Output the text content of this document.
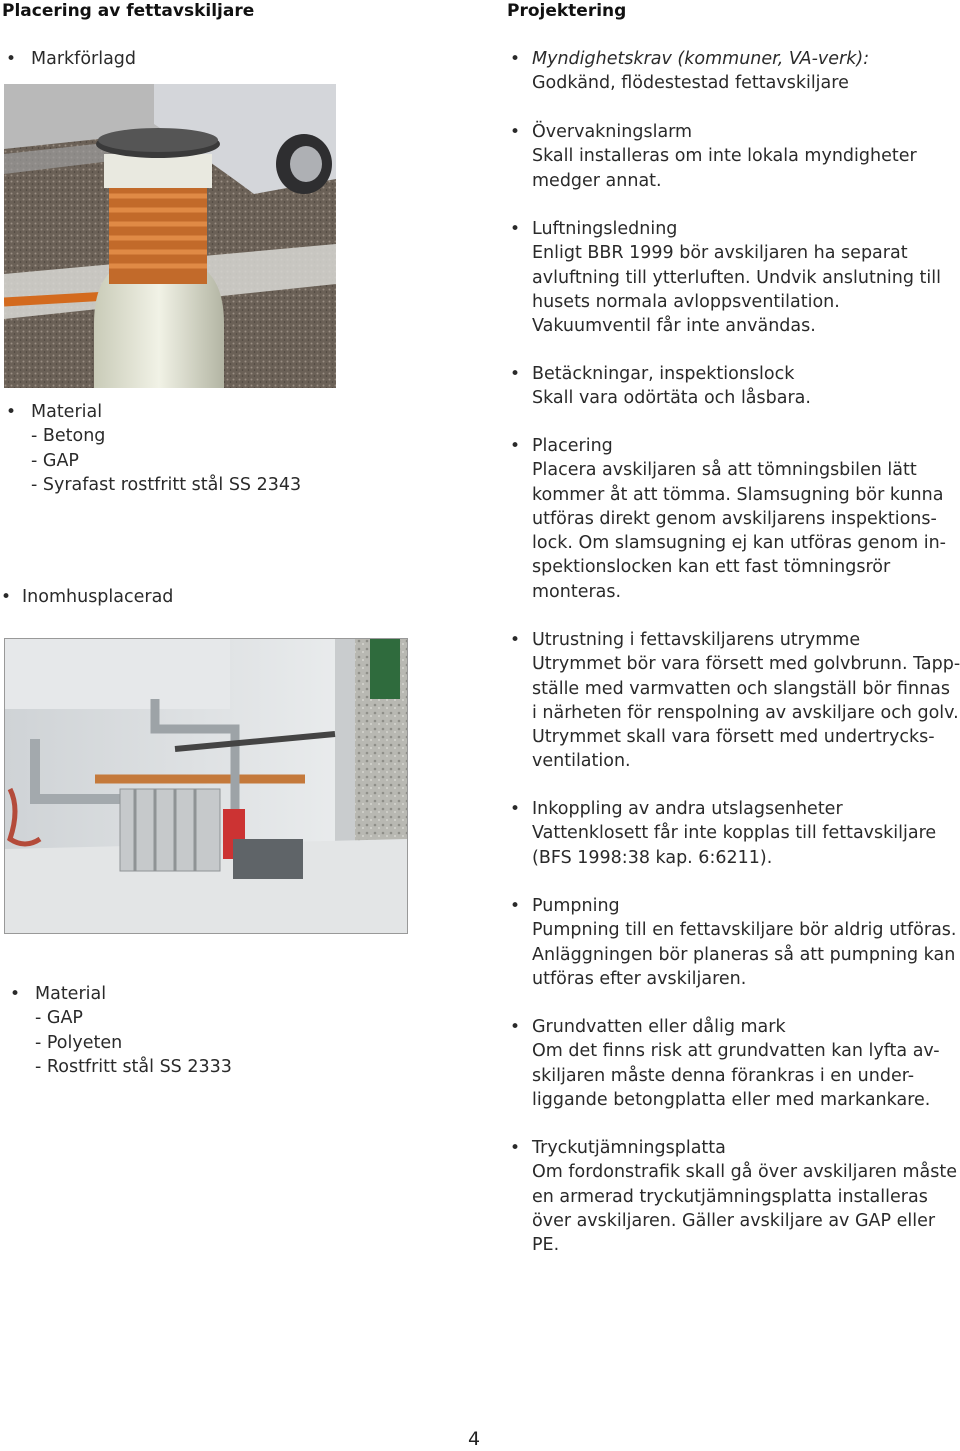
Placering av fettavskiljare
• Markförlagd
• Material
- Betong
- GAP
- Syrafast rostfritt stål SS 2343
• Inomhusplacerad
• Material
- GAP
- Polyeten
- Rostfritt stål SS 2333
Projektering
• Myndighetskrav (kommuner, VA-verk):
Godkänd, flödestestad fettavskiljare
• Övervakningslarm
Skall installeras om inte lokala myndigheter
medger annat.
• Luftningsledning
Enligt BBR 1999 bör avskiljaren ha separat
avluftning till ytterluften. Undvik anslutning till
husets normala avloppsventilation.
Vakuumventil får inte användas.
• Betäckningar, inspektionslock
Skall vara odörtäta och låsbara.
• Placering
Placera avskiljaren så att tömningsbilen lätt
kommer åt att tömma. Slamsugning bör kunna
utföras direkt genom avskiljarens inspektions-
lock. Om slamsugning ej kan utföras genom in-
spektionslocken kan ett fast tömningsrör
monteras.
• Utrustning i fettavskiljarens utrymme
Utrymmet bör vara försett med golvbrunn. Tapp-
ställe med varmvatten och slangställ bör finnas
i närheten för renspolning av avskiljare och golv.
Utrymmet skall vara försett med undertrycks-
ventilation.
• Inkoppling av andra utslagsenheter
Vattenklosett får inte kopplas till fettavskiljare
(BFS 1998:38 kap. 6:6211).
• Pumpning
Pumpning till en fettavskiljare bör aldrig utföras.
Anläggningen bör planeras så att pumpning kan
utföras efter avskiljaren.
• Grundvatten eller dålig mark
Om det finns risk att grundvatten kan lyfta av-
skiljaren måste denna förankras i en under-
liggande betongplatta eller med markankare.
• Tryckutjämningsplatta
Om fordonstrafik skall gå över avskiljaren måste
en armerad tryckutjämningsplatta installeras
över avskiljaren. Gäller avskiljare av GAP eller
PE.
4
